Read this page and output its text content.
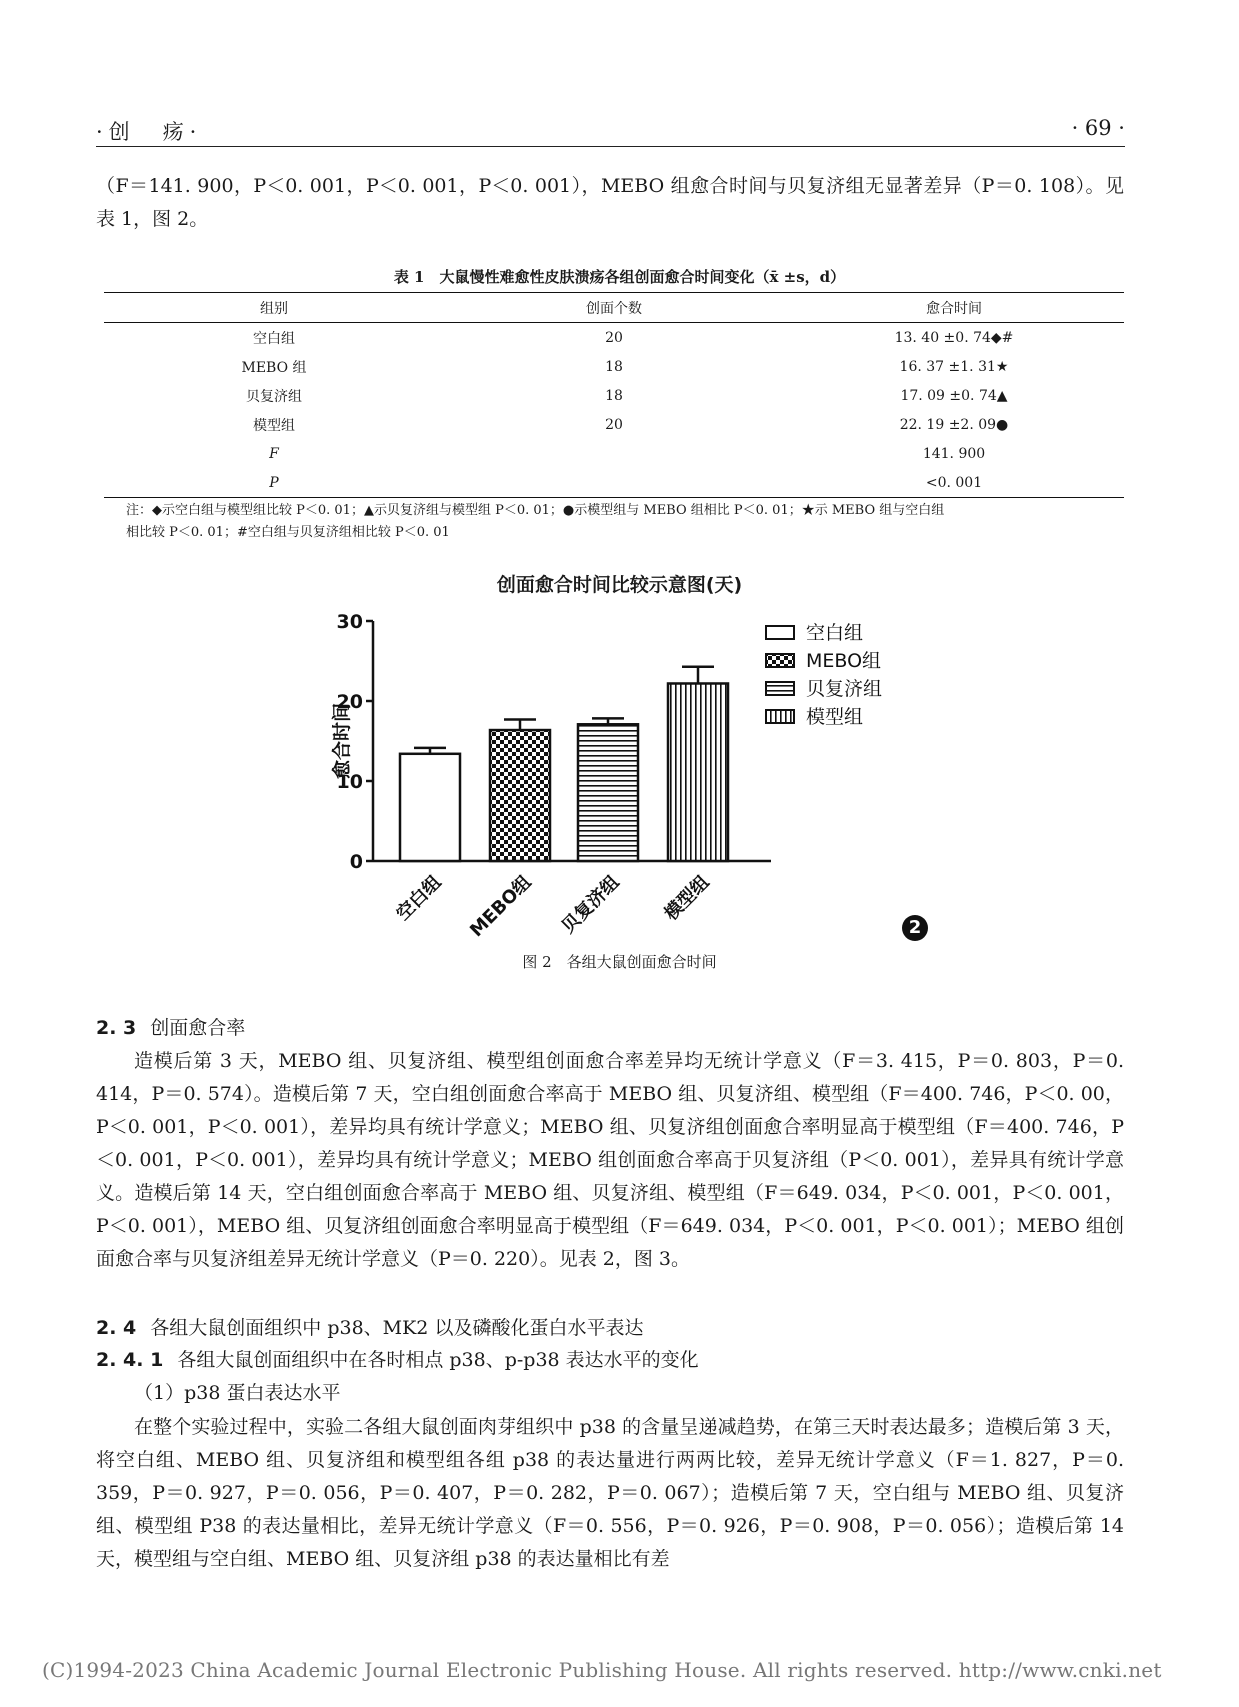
·创　疡·	· 69 ·

（F＝141. 900，P＜0. 001，P＜0. 001，P＜0. 001），MEBO 组愈合时间与贝复济组无显著差异（P＝0. 108）。见表 1，图 2。

表 1　大鼠慢性难愈性皮肤溃疡各组创面愈合时间变化（x̄ ±s，d）
组别	创面个数	愈合时间
空白组	20	13. 40 ±0. 74◆#
MEBO 组	18	16. 37 ±1. 31★
贝复济组	18	17. 09 ±0. 74▲
模型组	20	22. 19 ±2. 09●
F		141. 900
P		<0. 001
注：◆示空白组与模型组比较 P＜0. 01；▲示贝复济组与模型组 P＜0. 01；●示模型组与 MEBO 组相比 P＜0. 01；★示 MEBO 组与空白组
相比较 P＜0. 01；#空白组与贝复济组相比较 P＜0. 01
创面愈合时间比较示意图(天)
0
10
20
30
愈合时间
空白组 MEBO组 贝复济组 模型组
空白组
MEBO组
贝复济组
模型组
2
图 2　各组大鼠创面愈合时间
2. 3 创面愈合率

造模后第 3 天，MEBO 组、贝复济组、模型组创面愈合率差异均无统计学意义（F＝3. 415，P＝0. 803，P＝0. 414，P＝0. 574）。造模后第 7 天，空白组创面愈合率高于 MEBO 组、贝复济组、模型组（F＝400. 746，P＜0. 00，P＜0. 001，P＜0. 001），差异均具有统计学意义；MEBO 组、贝复济组创面愈合率明显高于模型组（F＝400. 746，P＜0. 001，P＜0. 001），差异均具有统计学意义；MEBO 组创面愈合率高于贝复济组（P＜0. 001），差异具有统计学意义。造模后第 14 天，空白组创面愈合率高于 MEBO 组、贝复济组、模型组（F＝649. 034，P＜0. 001，P＜0. 001，P＜0. 001），MEBO 组、贝复济组创面愈合率明显高于模型组（F＝649. 034，P＜0. 001，P＜0. 001）；MEBO 组创面愈合率与贝复济组差异无统计学意义（P＝0. 220）。见表 2，图 3。

2. 4 各组大鼠创面组织中 p38、MK2 以及磷酸化蛋白水平表达
2. 4. 1 各组大鼠创面组织中在各时相点 p38、p-p38 表达水平的变化
（1）p38 蛋白表达水平

在整个实验过程中，实验二各组大鼠创面肉芽组织中 p38 的含量呈递减趋势，在第三天时表达最多；造模后第 3 天，将空白组、MEBO 组、贝复济组和模型组各组 p38 的表达量进行两两比较，差异无统计学意义（F＝1. 827，P＝0. 359，P＝0. 927，P＝0. 056，P＝0. 407，P＝0. 282，P＝0. 067）；造模后第 7 天，空白组与 MEBO 组、贝复济组、模型组 P38 的表达量相比，差异无统计学意义（F＝0. 556，P＝0. 926，P＝0. 908，P＝0. 056）；造模后第 14 天，模型组与空白组、MEBO 组、贝复济组 p38 的表达量相比有差

(C)1994-2023 China Academic Journal Electronic Publishing House. All rights reserved. http://www.cnki.net
